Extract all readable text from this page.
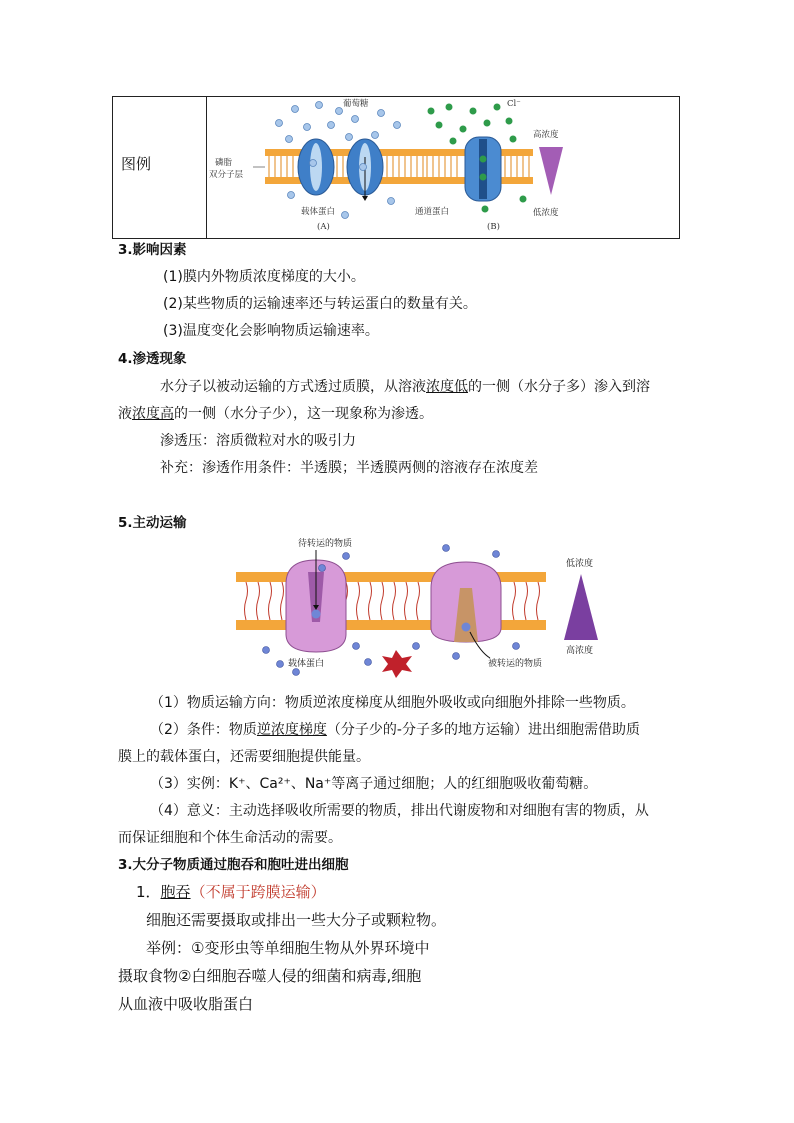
图例
葡萄糖
磷脂
双分子层
载体蛋白
(A)
Cl⁻
通道蛋白
(B)
高浓度
低浓度
3.影响因素
(1)膜内外物质浓度梯度的大小。
(2)某些物质的运输速率还与转运蛋白的数量有关。
(3)温度变化会影响物质运输速率。
4.渗透现象
水分子以被动运输的方式透过质膜，从溶液浓度低的一侧（水分子多）渗入到溶
液浓度高的一侧（水分子少），这一现象称为渗透。
渗透压：溶质微粒对水的吸引力
补充：渗透作用条件：半透膜；半透膜两侧的溶液存在浓度差
5.主动运输
待转运的物质
低浓度
高浓度
载体蛋白	被转运的物质
（1）物质运输方向：物质逆浓度梯度从细胞外吸收或向细胞外排除一些物质。
（2）条件：物质逆浓度梯度（分子少的-分子多的地方运输）进出细胞需借助质
膜上的载体蛋白，还需要细胞提供能量。
（3）实例：K⁺、Ca²⁺、Na⁺等离子通过细胞；人的红细胞吸收葡萄糖。
（4）意义：主动选择吸收所需要的物质，排出代谢废物和对细胞有害的物质，从
而保证细胞和个体生命活动的需要。
3.大分子物质通过胞吞和胞吐进出细胞
1．胞吞（不属于跨膜运输）
细胞还需要摄取或排出一些大分子或颗粒物。
举例：①变形虫等单细胞生物从外界环境中
摄取食物②白细胞吞噬人侵的细菌和病毒,细胞
从血液中吸收脂蛋白
